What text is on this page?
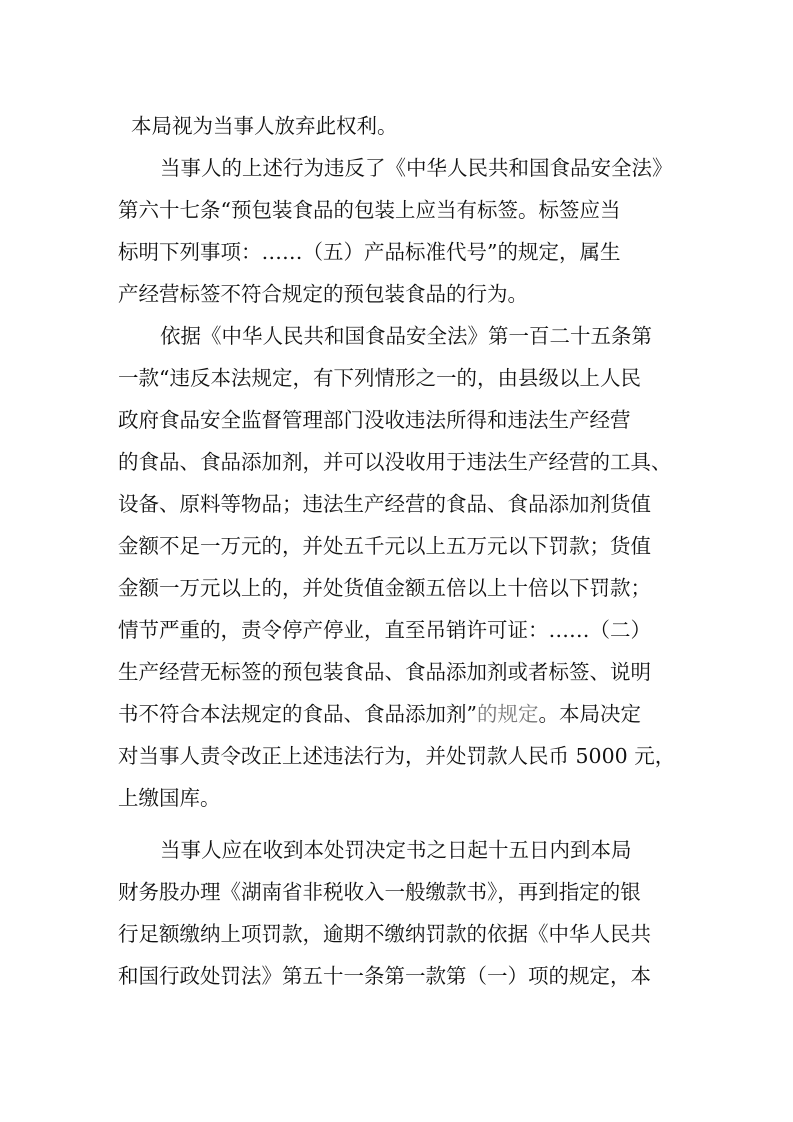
本局视为当事人放弃此权利。
当事人的上述行为违反了《中华人民共和国食品安全法》
第六十七条“预包装食品的包装上应当有标签。标签应当
标明下列事项：……（五）产品标准代号”的规定，属生
产经营标签不符合规定的预包装食品的行为。
依据《中华人民共和国食品安全法》第一百二十五条第
一款“违反本法规定，有下列情形之一的，由县级以上人民
政府食品安全监督管理部门没收违法所得和违法生产经营
的食品、食品添加剂，并可以没收用于违法生产经营的工具、
设备、原料等物品；违法生产经营的食品、食品添加剂货值
金额不足一万元的，并处五千元以上五万元以下罚款；货值
金额一万元以上的，并处货值金额五倍以上十倍以下罚款；
情节严重的，责令停产停业，直至吊销许可证：……（二）
生产经营无标签的预包装食品、食品添加剂或者标签、说明
书不符合本法规定的食品、食品添加剂”的规定。本局决定
对当事人责令改正上述违法行为，并处罚款人民币 5000 元，
上缴国库。
当事人应在收到本处罚决定书之日起十五日内到本局
财务股办理《湖南省非税收入一般缴款书》，再到指定的银
行足额缴纳上项罚款，逾期不缴纳罚款的依据《中华人民共
和国行政处罚法》第五十一条第一款第（一）项的规定，本
